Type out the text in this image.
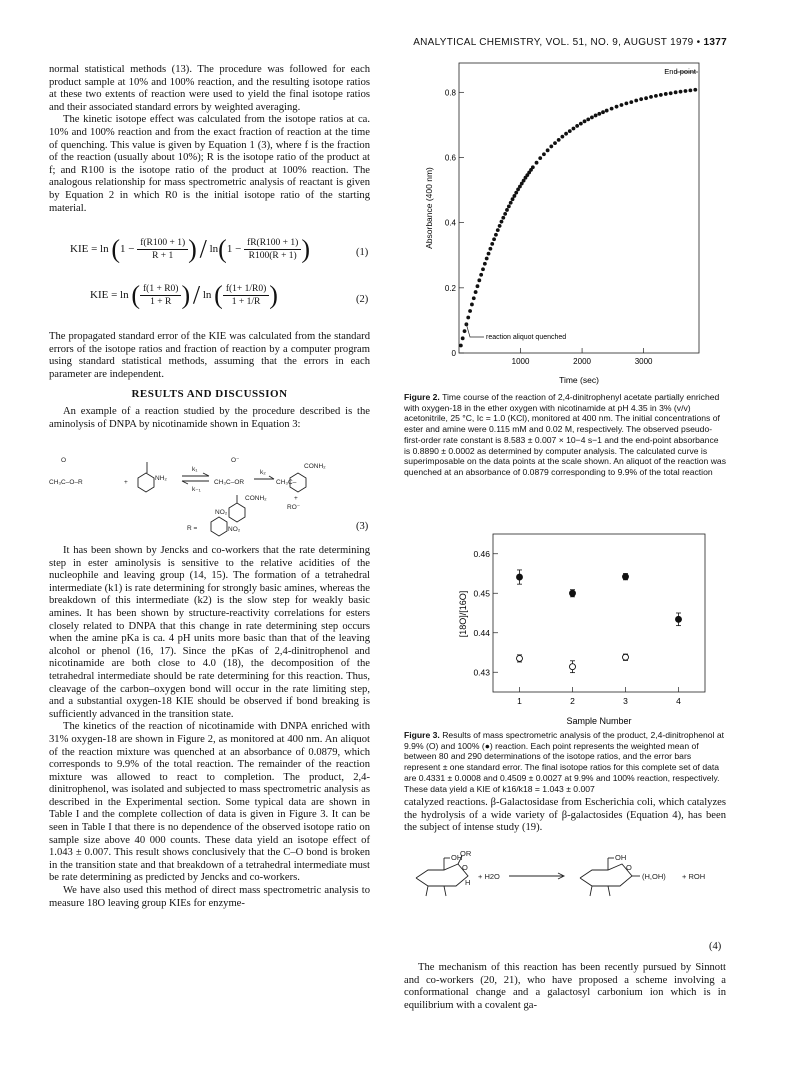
ANALYTICAL CHEMISTRY, VOL. 51, NO. 9, AUGUST 1979 • 1377

normal statistical methods (13). The procedure was followed for each product sample at 10% and 100% reaction, and the resulting isotope ratios at these two extents of reaction were used to yield the final isotope ratios and their associated standard errors by weighted averaging.

The kinetic isotope effect was calculated from the isotope ratios at ca. 10% and 100% reaction and from the exact fraction of reaction at the time of quenching. This value is given by Equation 1 (3), where f is the fraction of the reaction (usually about 10%); R is the isotope ratio of the product at f; and R100 is the isotope ratio of the product at 100% reaction. The analogous relationship for mass spectrometric analysis of reactant is given by Equation 2 in which R0 is the initial isotope ratio of the starting material.

KIE = $\ln (1 - \frac{f(R100 + 1)}{R + 1}$ ) / $\ln(1 - \frac{fR(R100 + 1)}{R100(R + 1)}$ )	(1)
KIE = ln ( $\frac{f(1 + R0)}{1 + R}$ ) / ln ( $\frac{f(1+ 1/R0)}{1 + 1/R}$ )	(2)

The propagated standard error of the KIE was calculated from the standard errors of the isotope ratios and fraction of reaction by a computer program using standard statistical methods, assuming that the errors in each parameter are independent.

RESULTS AND DISCUSSION

An example of a reaction studied by the procedure described is the aminolysis of DNPA by nicotinamide shown in Equation 3:

CH₃C–O–R
O
+
NH₂
k₁
k₋₁
CH₃C–OR
O⁻
k₂
CH₃C–
CONH₂
CONH₂	+
RO⁻
NO₂
R =	NO₂	(3)

It has been shown by Jencks and co-workers that the rate determining step in ester aminolysis is sensitive to the relative acidities of the nucleophile and leaving group (14, 15). The formation of a tetrahedral intermediate (k1) is rate determining for strongly basic amines, whereas the breakdown of this intermediate (k2) is the slow step for weakly basic amines. It has been shown by structure-reactivity correlations for esters closely related to DNPA that this change in rate determining step occurs when the amine pKa is ca. 4 pH units more basic than that of the leaving alcohol or phenol (16, 17). Since the pKas of 2,4-dinitrophenol and nicotinamide are both close to 4.0 (18), the decomposition of the tetrahedral intermediate should be rate determining for this reaction. Thus, cleavage of the carbon–oxygen bond will occur in the rate limiting step, and a substantial oxygen-18 KIE should be observed if bond breaking is sufficiently advanced in the transition state.

The kinetics of the reaction of nicotinamide with DNPA enriched with 31% oxygen-18 are shown in Figure 2, as monitored at 400 nm. An aliquot of the reaction mixture was quenched at an absorbance of 0.0879, which corresponds to 9.9% of the total reaction. The remainder of the reaction mixture was allowed to react to completion. The product, 2,4-dinitrophenol, was isolated and subjected to mass spectrometric analysis as described in the Experimental section. Some typical data are shown in Table I and the complete collection of data is given in Figure 3. It can be seen in Table I that there is no dependence of the observed isotope ratio on sample size above 40 000 counts. These data yield an isotope effect of 1.043 ± 0.007. This result shows conclusively that the C–O bond is broken in the transition state and that breakdown of a tetrahedral intermediate must be rate determining as predicted by Jencks and co-workers.

We have also used this method of direct mass spectrometric analysis to measure 18O leaving group KIEs for enzyme-

1000	2000	3000
0
0.2
0.4
0.6
0.8
End point
reaction aliquot quenched
Time (sec)
Absorbance (400 nm)
Figure 2. Time course of the reaction of 2,4-dinitrophenyl acetate partially enriched with oxygen-18 in the ether oxygen with nicotinamide at pH 4.35 in 3% (v/v) acetonitrile, 25 °C, Ic = 1.0 (KCl), monitored at 400 nm. The initial concentrations of ester and amine were 0.115 mM and 0.02 M, respectively. The observed pseudo-first-order rate constant is 8.583 ± 0.007 × 10−4 s−1 and the end-point absorbance is 0.8890 ± 0.0002 as determined by computer analysis. The calculated curve is superimposable on the data points at the scale shown. An aliquot of the reaction was quenched at an absorbance of 0.0879 corresponding to 9.9% of the total reaction
1	2	3	4
0.43
0.44
0.45
0.46
Sample Number
[18O]/[16O]
Figure 3. Results of mass spectrometric analysis of the product, 2,4-dinitrophenol at 9.9% (O) and 100% (●) reaction. Each point represents the weighted mean of between 80 and 290 determinations of the isotope ratios, and the error bars represent ± one standard error. The final isotope ratios for this complete set of data are 0.4331 ± 0.0008 and 0.4509 ± 0.0027 at 9.9% and 100% reaction, respectively. These data yield a KIE of k16/k18 = 1.043 ± 0.007

catalyzed reactions. β-Galactosidase from Escherichia coli, which catalyzes the hydrolysis of a wide variety of β-galactosides (Equation 4), has been the subject of intense study (19).

OH
OR
O
H
+ H2O
OH
O
(H,OH) + ROH
(4)

The mechanism of this reaction has been recently pursued by Sinnott and co-workers (20, 21), who have proposed a scheme involving a conformational change and a galactosyl carbonium ion which is in equilibrium with a covalent ga-
